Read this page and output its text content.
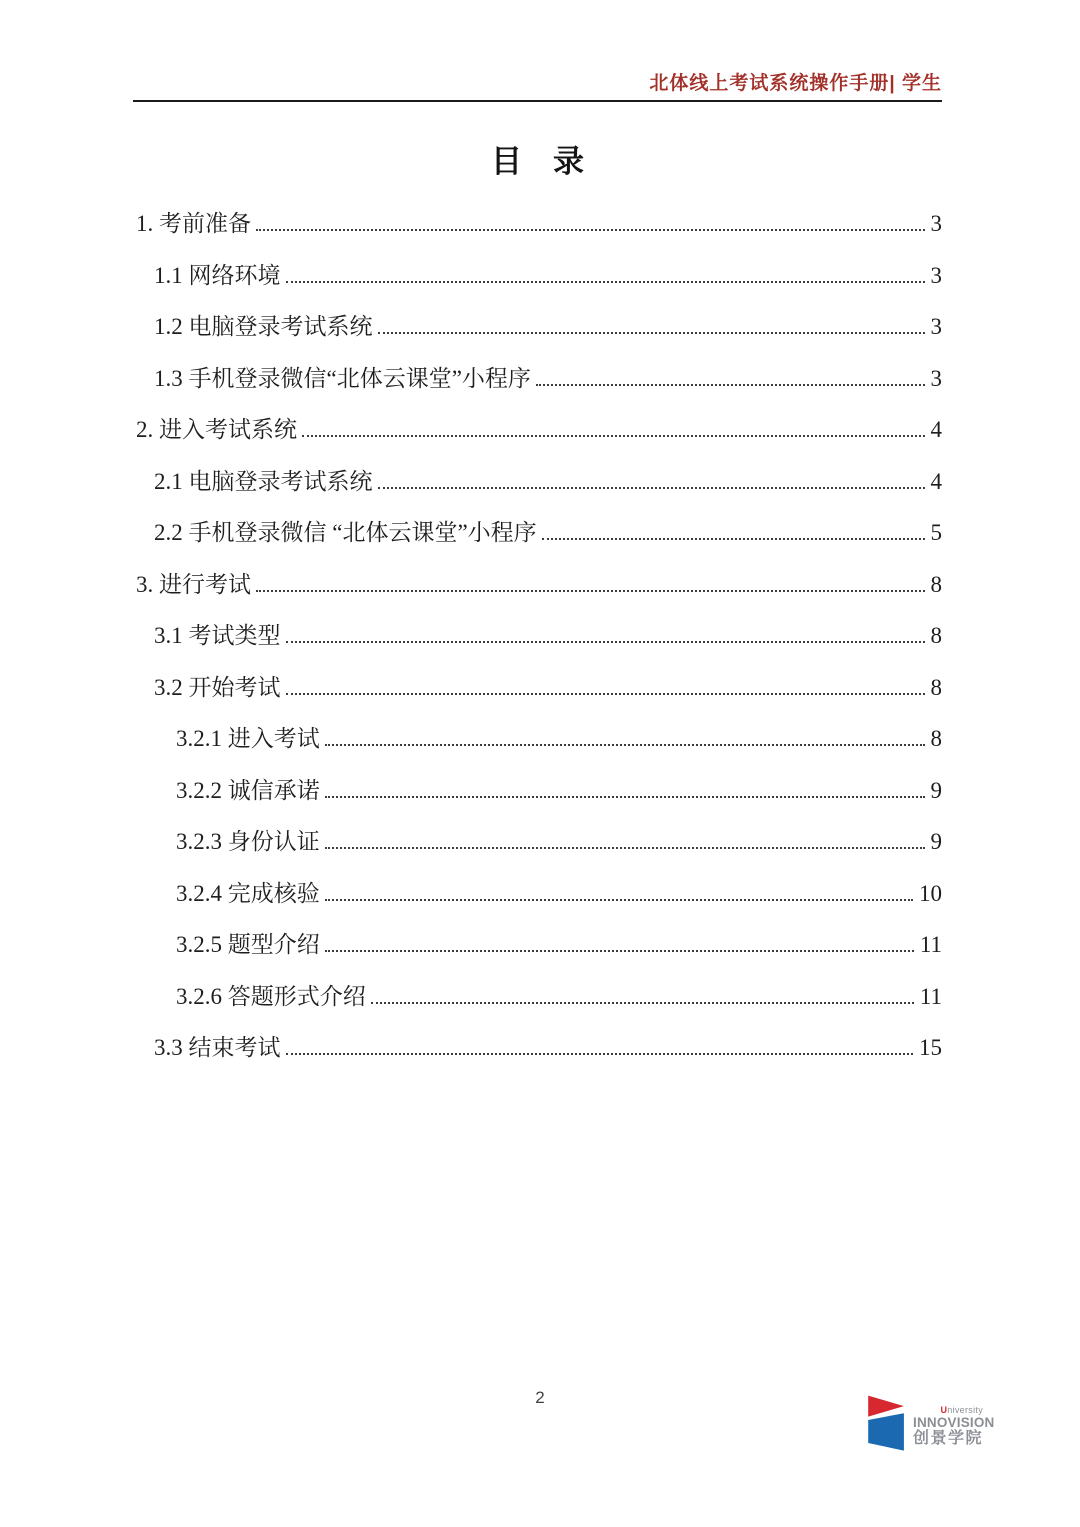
北体线上考试系统操作手册| 学生
目　录
1. 考前准备	3
1.1 网络环境	3
1.2 电脑登录考试系统	3
1.3 手机登录微信“北体云课堂”小程序	3
2. 进入考试系统	4
2.1 电脑登录考试系统	4
2.2 手机登录微信 “北体云课堂”小程序	5
3. 进行考试	8
3.1 考试类型	8
3.2 开始考试	8
3.2.1 进入考试	8
3.2.2 诚信承诺	9
3.2.3 身份认证	9
3.2.4 完成核验	10
3.2.5 题型介绍	11
3.2.6 答题形式介绍	11
3.3 结束考试	15
2
University
INNOVISION
创景学院
